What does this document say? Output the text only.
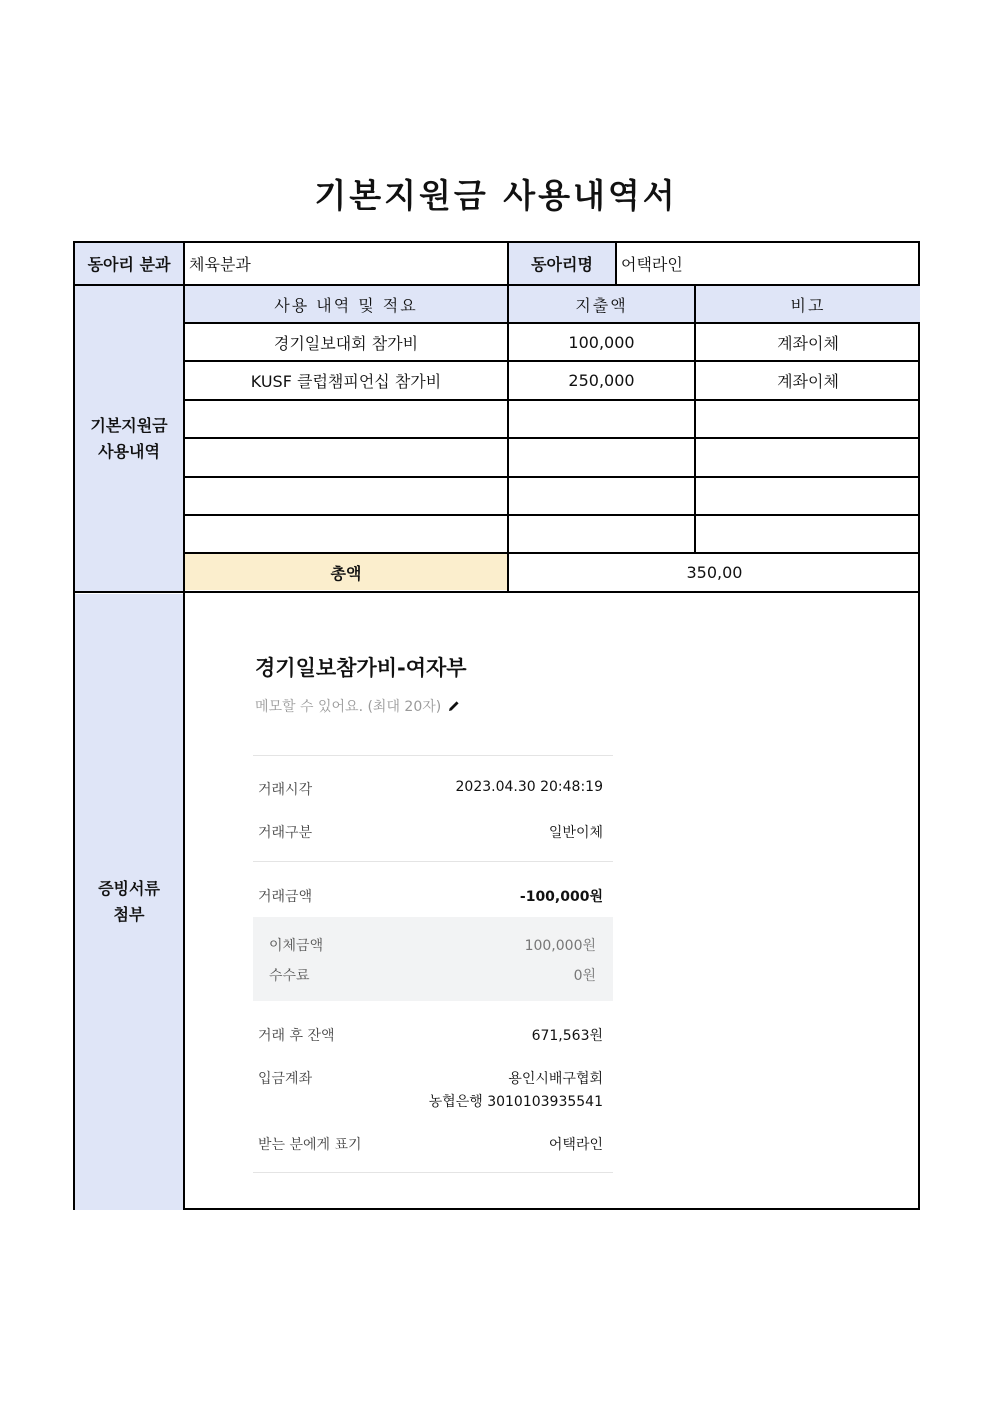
기본지원금 사용내역서
동아리 분과	체육분과	동아리명	어택라인
기본지원금
사용내역
사용 내역 및 적요	지출액	비고
경기일보대회 참가비	100,000	계좌이체
KUSF 클럽챔피언십 참가비	250,000	계좌이체
총액	350,00
증빙서류
첨부
경기일보참가비-여자부
메모할 수 있어요. (최대 20자)
거래시각	2023.04.30 20:48:19
거래구분	일반이체
거래금액	-100,000원
이체금액	100,000원
수수료	0원
거래 후 잔액	671,563원
입금계좌	용인시배구협회
농협은행 3010103935541
받는 분에게 표기	어택라인
